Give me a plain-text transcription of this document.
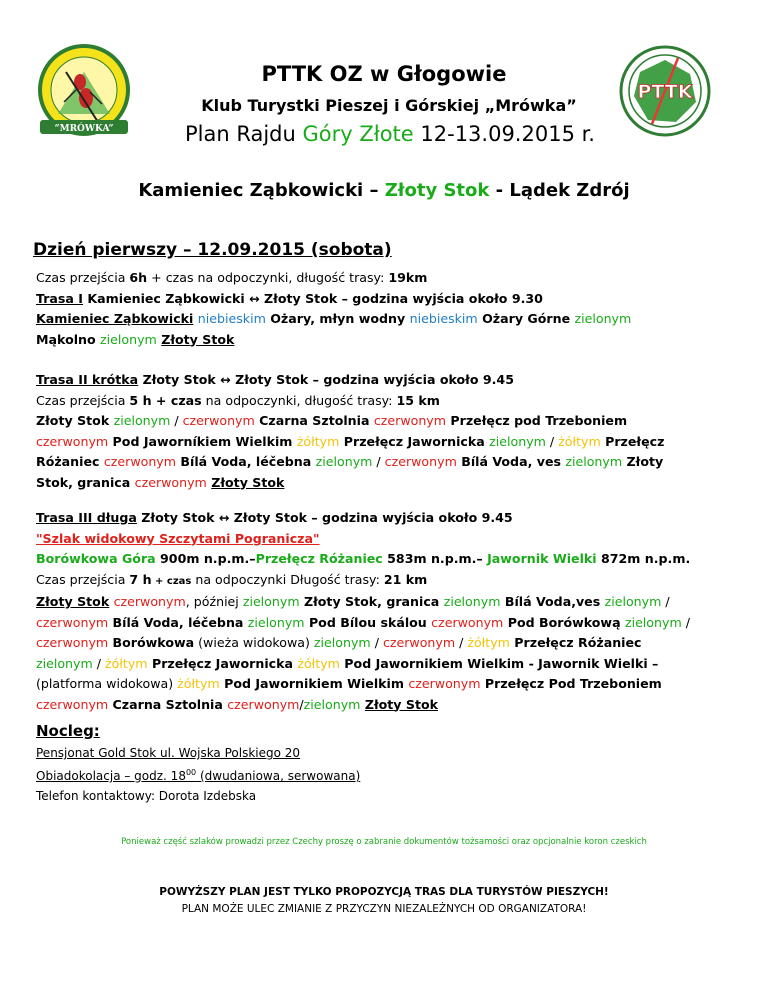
“MRÓWKA”
PTTK
PTTK OZ w Głogowie
Klub Turystki Pieszej i Górskiej „Mrówka”
Plan Rajdu Góry Złote 12-13.09.2015 r.
Kamieniec Ząbkowicki – Złoty Stok - Lądek Zdrój
Dzień pierwszy – 12.09.2015 (sobota)
Czas przejścia 6h + czas na odpoczynki, długość trasy: 19km
Trasa I Kamieniec Ząbkowicki ↔ Złoty Stok – godzina wyjścia około 9.30
Kamieniec Ząbkowicki niebieskim Ożary, młyn wodny niebieskim Ożary Górne zielonym
Mąkolno zielonym Złoty Stok
Trasa II krótka Złoty Stok ↔ Złoty Stok – godzina wyjścia około 9.45
Czas przejścia 5 h + czas na odpoczynki, długość trasy: 15 km
Złoty Stok zielonym / czerwonym Czarna Sztolnia czerwonym Przełęcz pod Trzeboniem
czerwonym Pod Jaworníkiem Wielkim żółtym Przełęcz Jawornicka zielonym / żółtym Przełęcz
Różaniec czerwonym Bílá Voda, léčebna zielonym / czerwonym Bílá Voda, ves zielonym Złoty
Stok, granica czerwonym Złoty Stok
Trasa III długa Złoty Stok ↔ Złoty Stok – godzina wyjścia około 9.45
"Szlak widokowy Szczytami Pogranicza"
Borówkowa Góra 900m n.p.m.–Przełęcz Różaniec 583m n.p.m.– Jawornik Wielki 872m n.p.m.
Czas przejścia 7 h + czas na odpoczynki Długość trasy: 21 km
Złoty Stok czerwonym, później zielonym Złoty Stok, granica zielonym Bílá Voda,ves zielonym /
czerwonym Bílá Voda, léčebna zielonym Pod Bílou skálou czerwonym Pod Borówkową zielonym /
czerwonym Borówkowa (wieża widokowa) zielonym / czerwonym / żółtym Przełęcz Różaniec
zielonym / żółtym Przełęcz Jawornicka żółtym Pod Jawornikiem Wielkim - Jawornik Wielki –
(platforma widokowa) żółtym Pod Jawornikiem Wielkim czerwonym Przełęcz Pod Trzeboniem
czerwonym Czarna Sztolnia czerwonym/zielonym Złoty Stok
Nocleg:
Pensjonat Gold Stok ul. Wojska Polskiego 20
Obiadokolacja – godz. $18^{00}$ (dwudaniowa, serwowana)
Telefon kontaktowy: Dorota Izdebska
Ponieważ część szlaków prowadzi przez Czechy proszę o zabranie dokumentów tożsamości oraz opcjonalnie koron czeskich
POWYŻSZY PLAN JEST TYLKO PROPOZYCJĄ TRAS DLA TURYSTÓW PIESZYCH!
PLAN MOŻE ULEC ZMIANIE Z PRZYCZYN NIEZALEŻNYCH OD ORGANIZATORA!
